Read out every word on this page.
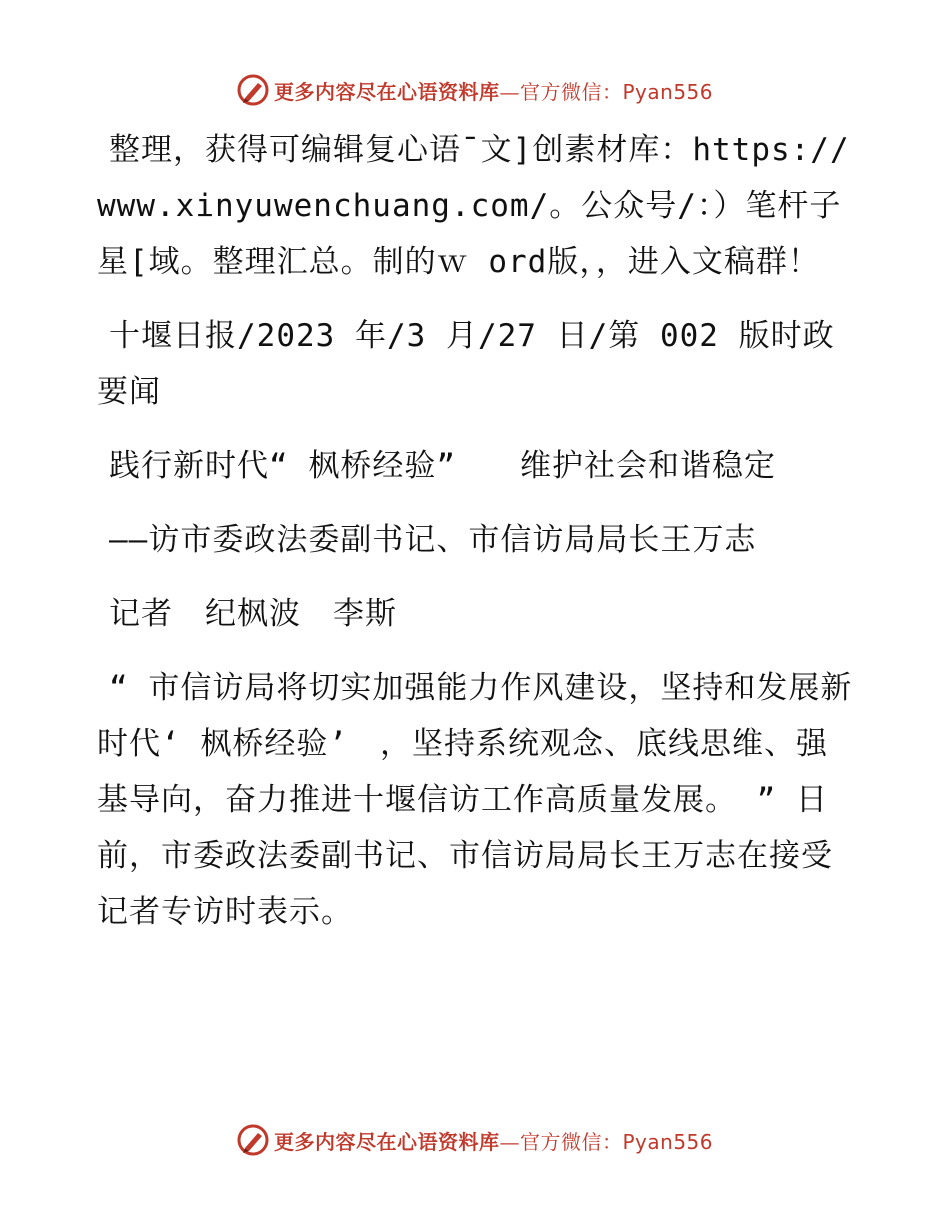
更多内容尽在心语资料库—官方微信：Pyan556

整理，获得可编辑复心语¯文]创素材库：https://www.xinyuwenchuang.com/。公众号/：）笔杆子星[域。整理汇总。制的ｗ ord版，，进入文稿群！

十堰日报/2023 年/3 月/27 日/第 002 版时政要闻

践行新时代“ 枫桥经验”　　维护社会和谐稳定

——访市委政法委副书记、市信访局局长王万志

记者　纪枫波　李斯

“ 市信访局将切实加强能力作风建设，坚持和发展新时代‘ 枫桥经验’　，坚持系统观念、底线思维、强基导向，奋力推进十堰信访工作高质量发展。 ” 日前，市委政法委副书记、市信访局局长王万志在接受记者专访时表示。

更多内容尽在心语资料库—官方微信：Pyan556
